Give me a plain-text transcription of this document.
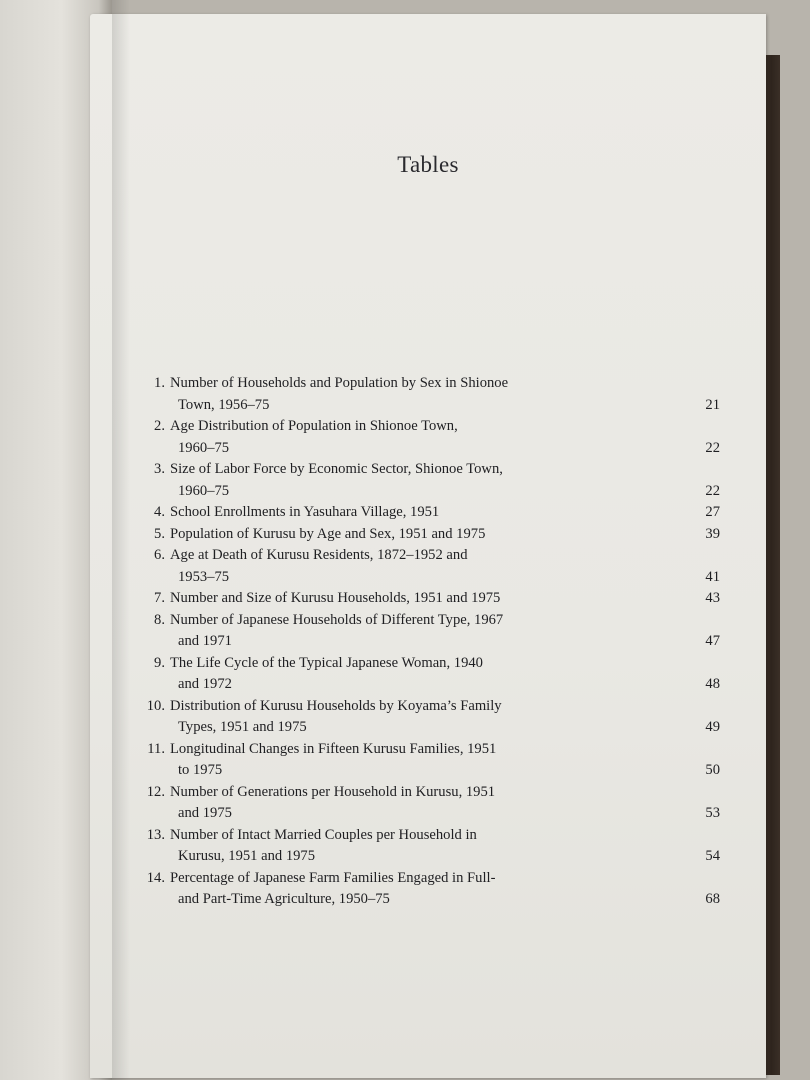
Tables
1. Number of Households and Population by Sex in Shionoe
Town, 1956–75	21
2. Age Distribution of Population in Shionoe Town,
1960–75	22
3. Size of Labor Force by Economic Sector, Shionoe Town,
1960–75	22
4. School Enrollments in Yasuhara Village, 1951	27
5. Population of Kurusu by Age and Sex, 1951 and 1975	39
6. Age at Death of Kurusu Residents, 1872–1952 and
1953–75	41
7. Number and Size of Kurusu Households, 1951 and 1975	43
8. Number of Japanese Households of Different Type, 1967
and 1971	47
9. The Life Cycle of the Typical Japanese Woman, 1940
and 1972	48
10. Distribution of Kurusu Households by Koyama’s Family
Types, 1951 and 1975	49
11. Longitudinal Changes in Fifteen Kurusu Families, 1951
to 1975	50
12. Number of Generations per Household in Kurusu, 1951
and 1975	53
13. Number of Intact Married Couples per Household in
Kurusu, 1951 and 1975	54
14. Percentage of Japanese Farm Families Engaged in Full-
and Part-Time Agriculture, 1950–75	68
